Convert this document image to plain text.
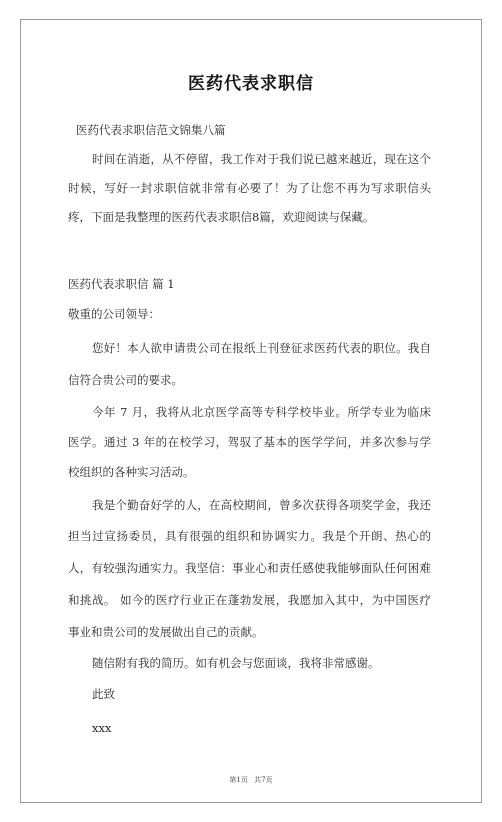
医药代表求职信
医药代表求职信范文锦集八篇
时间在消逝，从不停留，我工作对于我们说已越来越近，现在这个
时候，写好一封求职信就非常有必要了！为了让您不再为写求职信头
疼，下面是我整理的医药代表求职信8篇，欢迎阅读与保藏。
医药代表求职信 篇 1
敬重的公司领导：
您好！本人欲申请贵公司在报纸上刊登征求医药代表的职位。我自
信符合贵公司的要求。
今年 7 月，我将从北京医学高等专科学校毕业。所学专业为临床
医学。通过 3 年的在校学习，驾驭了基本的医学学问，并多次参与学
校组织的各种实习活动。
我是个勤奋好学的人，在高校期间，曾多次获得各项奖学金，我还
担当过宣扬委员，具有很强的组织和协调实力。我是个开朗、热心的
人，有较强沟通实力。我坚信：事业心和责任感使我能够面队任何困难
和挑战。 如今的医疗行业正在蓬勃发展，我愿加入其中，为中国医疗
事业和贵公司的发展做出自己的贡献。
随信附有我的简历。如有机会与您面谈，我将非常感谢。
此致
xxx
第1页 共7页
